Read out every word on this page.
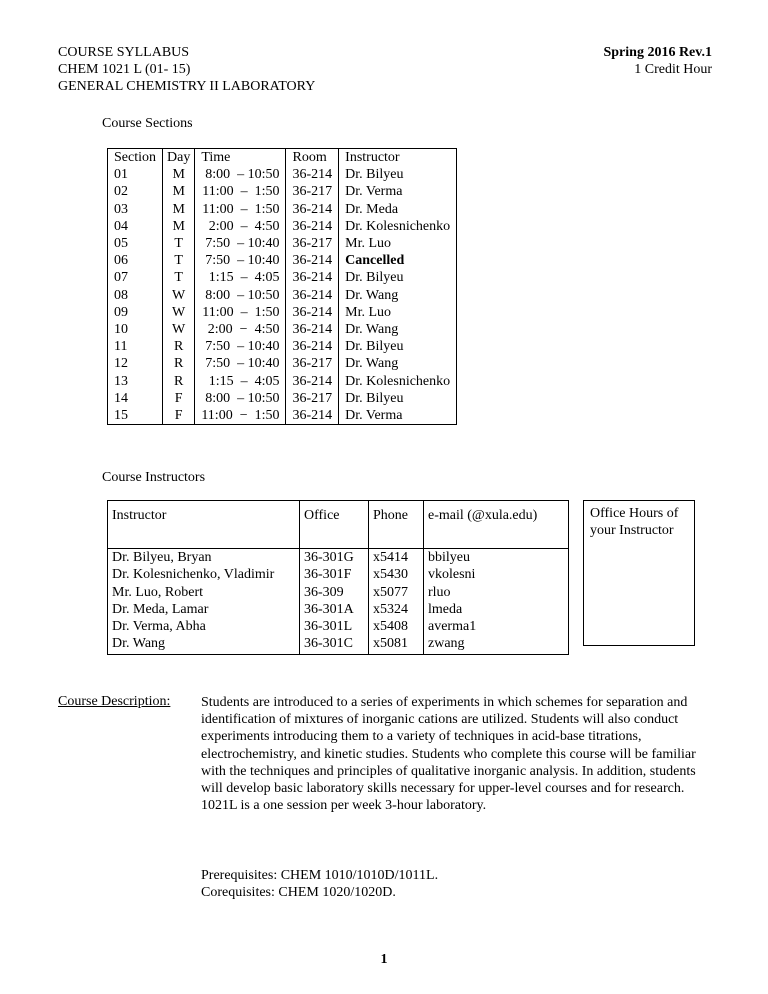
COURSE SYLLABUS
CHEM 1021 L (01- 15)
GENERAL CHEMISTRY II LABORATORY
Spring 2016 Rev.1
1 Credit Hour
Course Sections
Section	Day	Time	Room	Instructor
01	M	8:00  – 10:50	36-214	Dr. Bilyeu
02	M	11:00  –  1:50	36-217	Dr. Verma
03	M	11:00  –  1:50	36-214	Dr. Meda
04	M	2:00  –  4:50	36-214	Dr. Kolesnichenko
05	T	7:50  – 10:40	36-217	Mr. Luo
06	T	7:50  – 10:40	36-214	Cancelled
07	T	1:15  –  4:05	36-214	Dr. Bilyeu
08	W	8:00  – 10:50	36-214	Dr. Wang
09	W	11:00  –  1:50	36-214	Mr. Luo
10	W	2:00  −  4:50	36-214	Dr. Wang
11	R	7:50  – 10:40	36-214	Dr. Bilyeu
12	R	7:50  – 10:40	36-217	Dr. Wang
13	R	1:15  –  4:05	36-214	Dr. Kolesnichenko
14	F	8:00  – 10:50	36-217	Dr. Bilyeu
15	F	11:00  −  1:50	36-214	Dr. Verma
Course Instructors
Instructor	Office	Phone	e-mail (@xula.edu)
Dr. Bilyeu, Bryan	36-301G	x5414	bbilyeu
Dr. Kolesnichenko, Vladimir	36-301F	x5430	vkolesni
Mr. Luo, Robert	36-309	x5077	rluo
Dr. Meda, Lamar	36-301A	x5324	lmeda
Dr. Verma, Abha	36-301L	x5408	averma1
Dr. Wang	36-301C	x5081	zwang
Office Hours of your Instructor
Course Description: Students are introduced to a series of experiments in which schemes for separation and identification of mixtures of inorganic cations are utilized. Students will also conduct experiments introducing them to a variety of techniques in acid-base titrations, electrochemistry, and kinetic studies. Students who complete this course will be familiar with the techniques and principles of qualitative inorganic analysis. In addition, students will develop basic laboratory skills necessary for upper-level courses and for research. 1021L is a one session per week 3-hour laboratory.
Prerequisites: CHEM 1010/1010D/1011L.
Corequisites: CHEM 1020/1020D.
1
